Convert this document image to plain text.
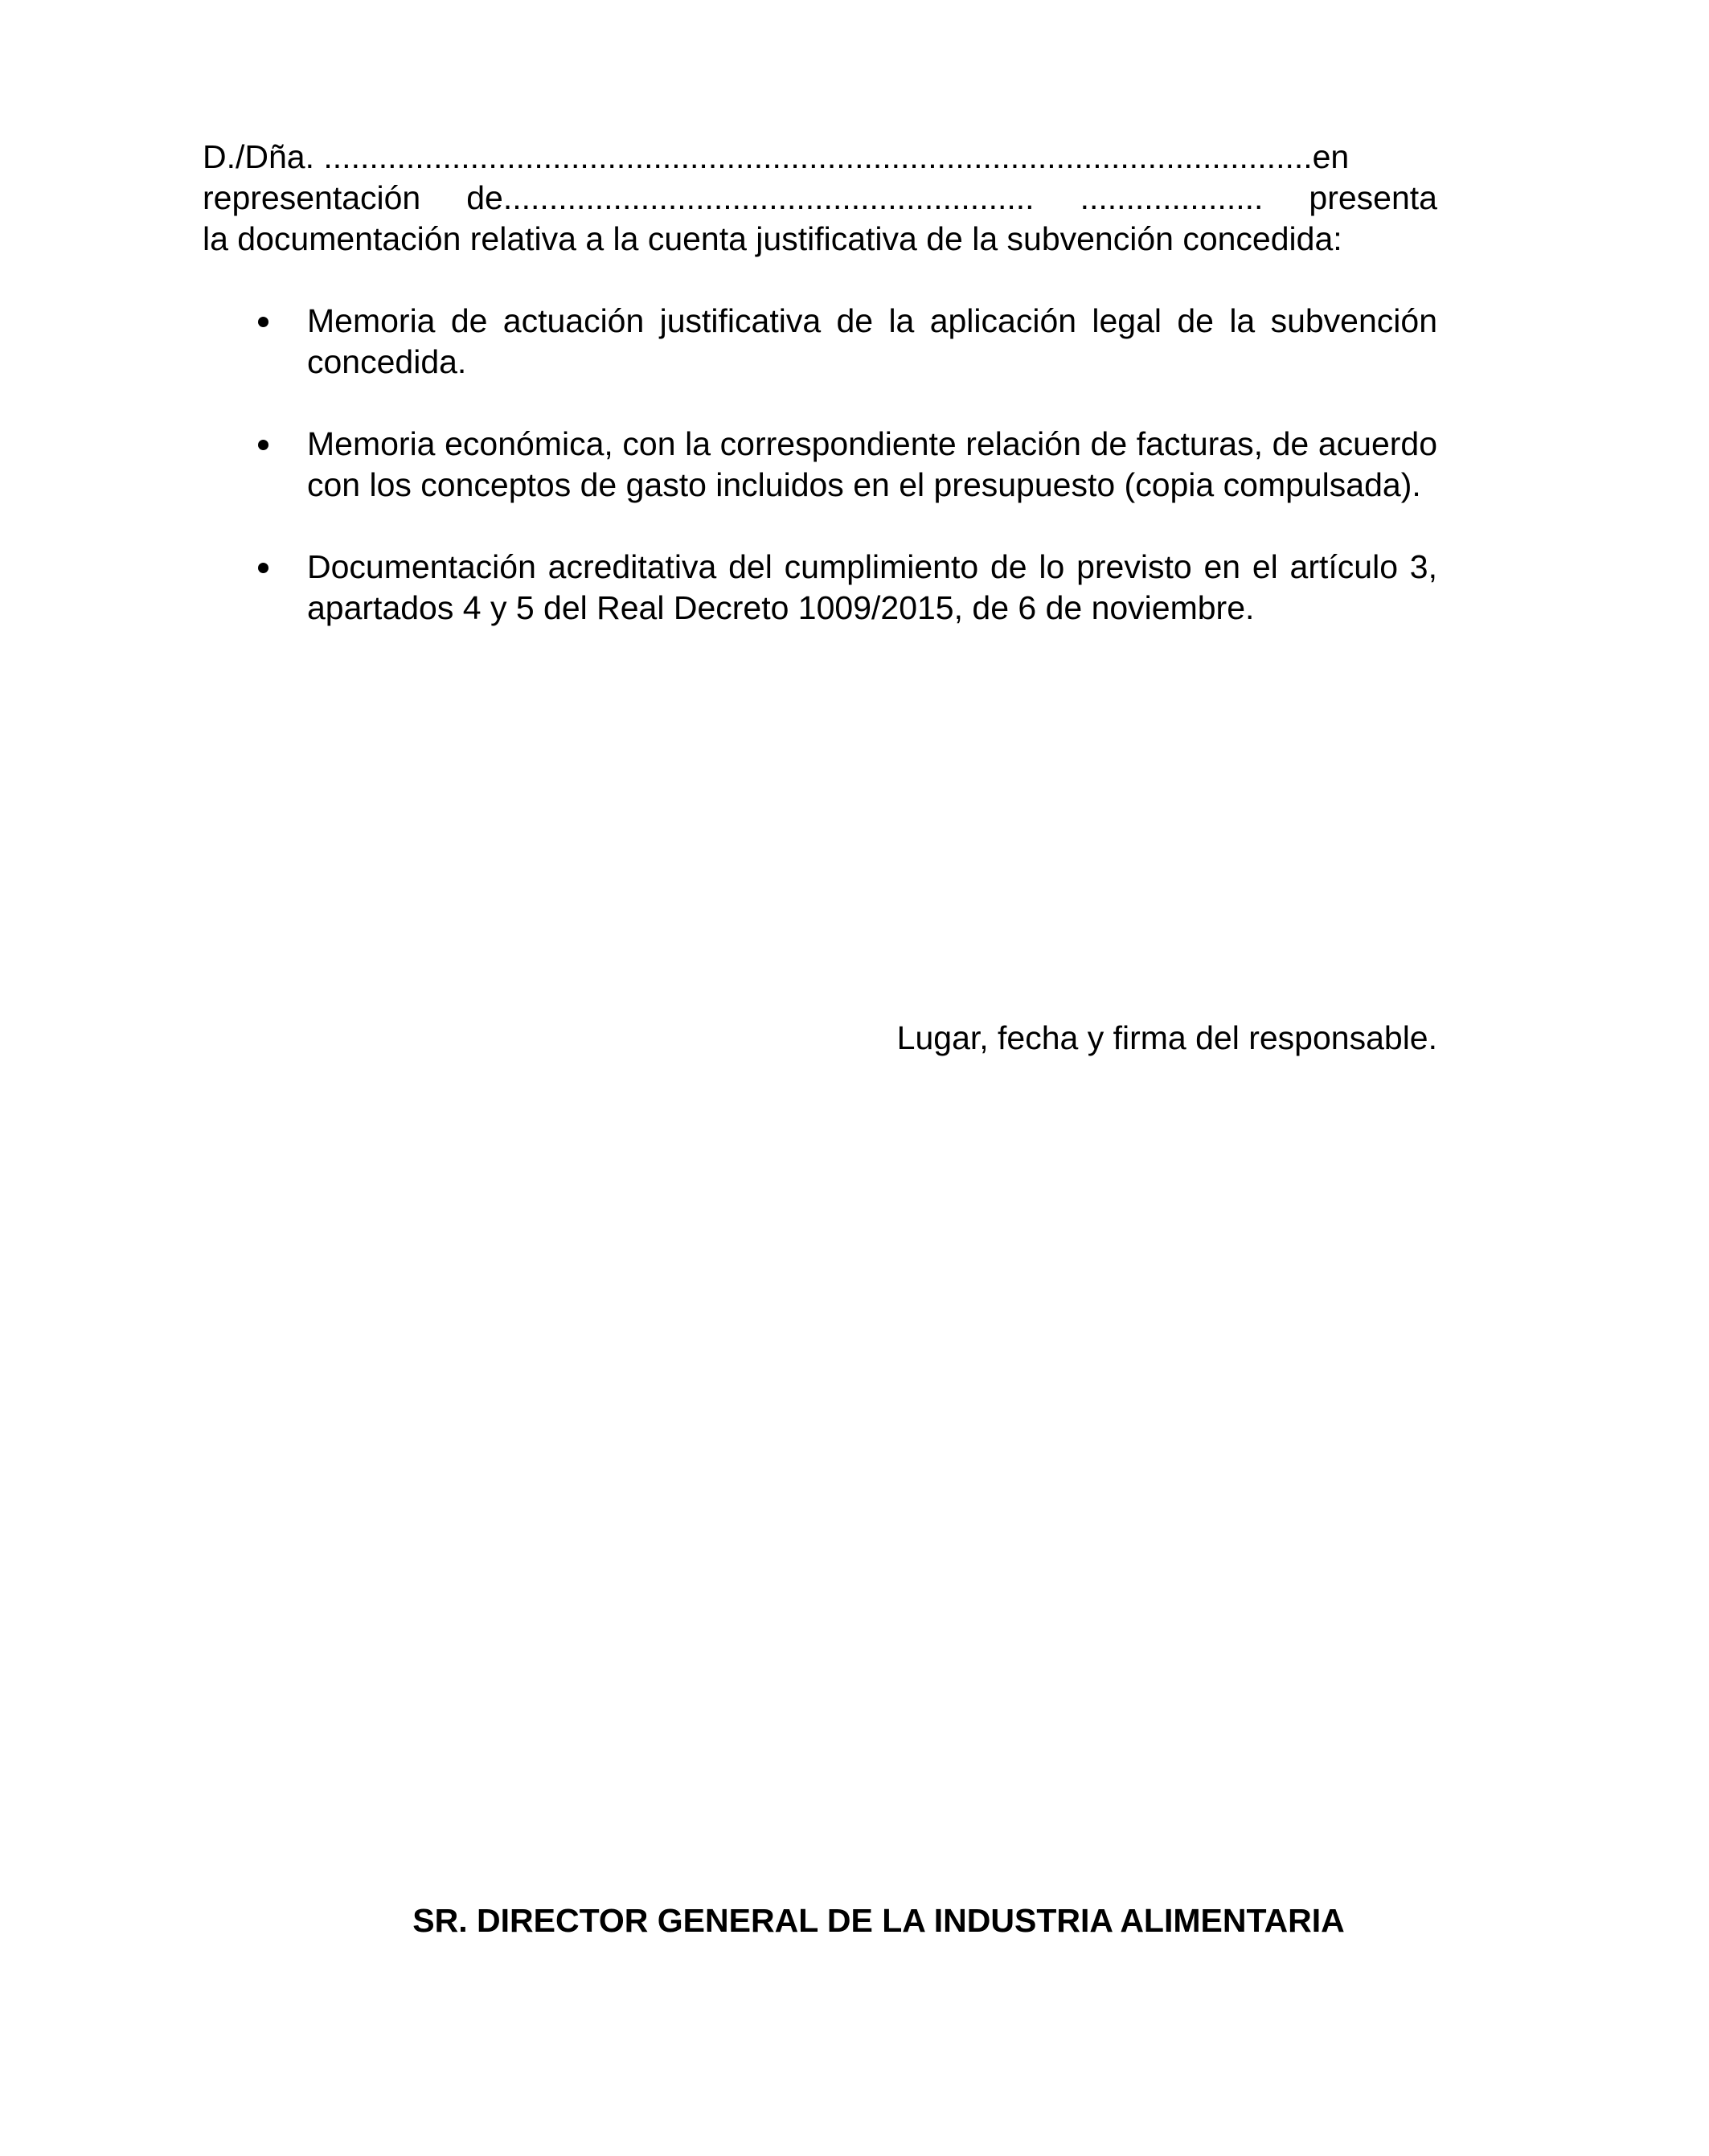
D./Dña. ............................................................................................................en
representación de.......................................................... .................... presenta
la documentación relativa a la cuenta justificativa de la subvención concedida:
Memoria de actuación justificativa de la aplicación legal de la subvención concedida.
Memoria económica, con la correspondiente relación de facturas, de acuerdo con los conceptos de gasto incluidos en el presupuesto (copia compulsada).
Documentación acreditativa del cumplimiento de lo previsto en el artículo 3, apartados 4 y 5 del Real Decreto 1009/2015, de 6 de noviembre.
Lugar, fecha y firma del responsable.
SR. DIRECTOR GENERAL DE LA INDUSTRIA ALIMENTARIA
